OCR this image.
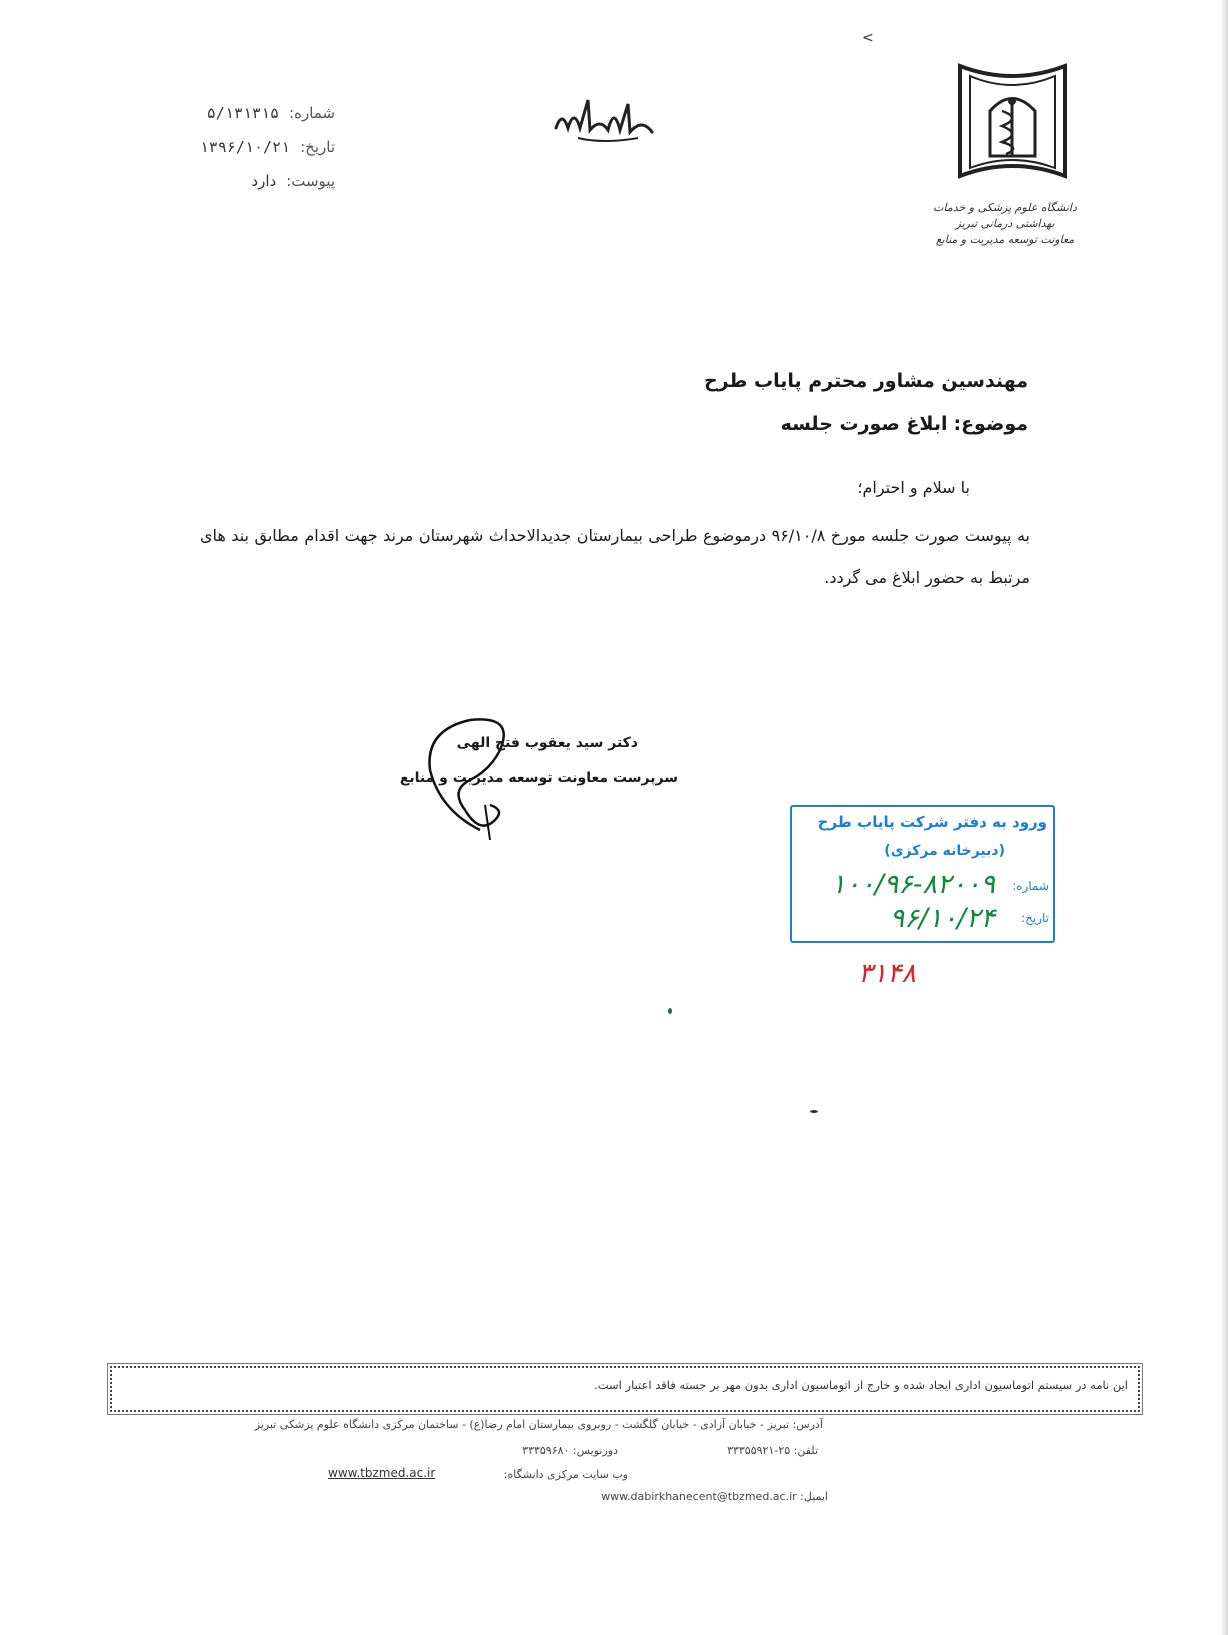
<
شماره:
۵/۱۳۱۳۱۵
تاریخ:
۱۳۹۶/۱۰/۲۱
پیوست:
دارد
دانشگاه علوم پزشکی و خدمات بهداشتی درمانی تبریز
معاونت توسعه مدیریت و منابع
مهندسین مشاور محترم پایاب طرح
موضوع:
ابلاغ صورت جلسه
با سلام و احترام؛
به پیوست صورت جلسه مورخ ۹۶/۱۰/۸ درموضوع طراحی بیمارستان جدیدالاحداث شهرستان مرند جهت اقدام مطابق بند های مرتبط به حضور ابلاغ می گردد.
دکتر سید یعقوب فتح الهی
سرپرست معاونت توسعه مدیریت و منابع
ورود به دفتر شرکت پایاب طرح
(دبیرخانه مرکزی)
شماره:
۱۰۰/۹۶-۸۲۰۰۹
تاریخ:
۹۶/۱۰/۲۴
۳۱۴۸
این نامه در سیستم اتوماسیون اداری ایجاد شده و خارج از اتوماسیون اداری بدون مهر بر جسته فاقد اعتبار است.
آدرس: تبریز - خیابان آزادی - خیابان گلگشت - روبروی بیمارستان امام رضا(ع) - ساختمان مرکزی دانشگاه علوم پزشکی تبریز
تلفن: ۲۵-۳۳۳۵۵۹۲۱
دورنویس: ۳۳۳۵۹۶۸۰
وب سایت مرکزی دانشگاه:
www.tbzmed.ac.ir
ایمیل: www.dabirkhanecent@tbzmed.ac.ir
